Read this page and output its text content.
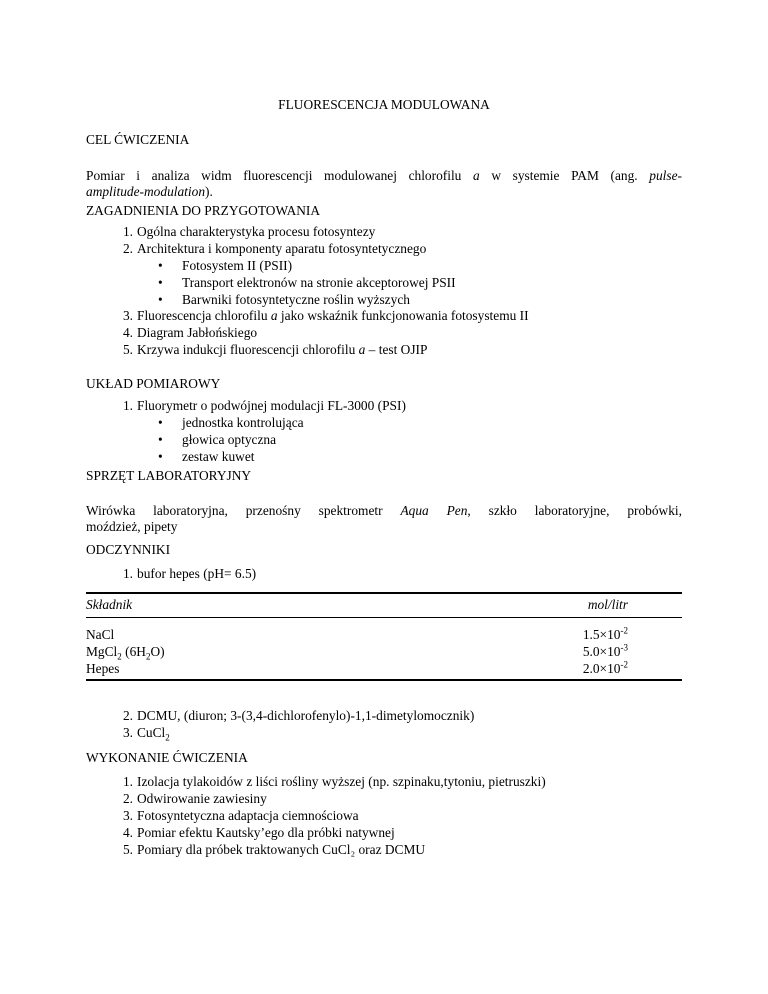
FLUORESCENCJA MODULOWANA
CEL ĆWICZENIA
Pomiar i analiza widm fluorescencji modulowanej chlorofilu a w systemie PAM (ang. pulse-
amplitude-modulation).
ZAGADNIENIA DO PRZYGOTOWANIA
1. Ogólna charakterystyka procesu fotosyntezy
2. Architektura i komponenty aparatu fotosyntetycznego
• Fotosystem II (PSII)
• Transport elektronów na stronie akceptorowej PSII
• Barwniki fotosyntetyczne roślin wyższych
3. Fluorescencja chlorofilu a jako wskaźnik funkcjonowania fotosystemu II
4. Diagram Jabłońskiego
5. Krzywa indukcji fluorescencji chlorofilu a – test OJIP
UKŁAD POMIAROWY
1. Fluorymetr o podwójnej modulacji FL-3000 (PSI)
• jednostka kontrolująca
• głowica optyczna
• zestaw kuwet
SPRZĘT LABORATORYJNY
Wirówka laboratoryjna, przenośny spektrometr Aqua Pen, szkło laboratoryjne, probówki,
moździeż, pipety
ODCZYNNIKI
1. bufor hepes (pH= 6.5)
Składnik	mol/litr
NaCl	$1.5\times 10^{-2}$
MgCl$_2$ $(6H_2O)$	$5.0\times 10^{-3}$
Hepes	$2.0\times 10^{-2}$
2. DCMU, (diuron; 3-(3,4-dichlorofenylo)-1,1-dimetylomocznik)
3. CuCl$_2$
WYKONANIE ĆWICZENIA
1. Izolacja tylakoidów z liści rośliny wyższej (np. szpinaku,tytoniu, pietruszki)
2. Odwirowanie zawiesiny
3. Fotosyntetyczna adaptacja ciemnościowa
4. Pomiar efektu Kautsky’ego dla próbki natywnej
5. Pomiary dla próbek traktowanych CuCl₂ oraz DCMU
